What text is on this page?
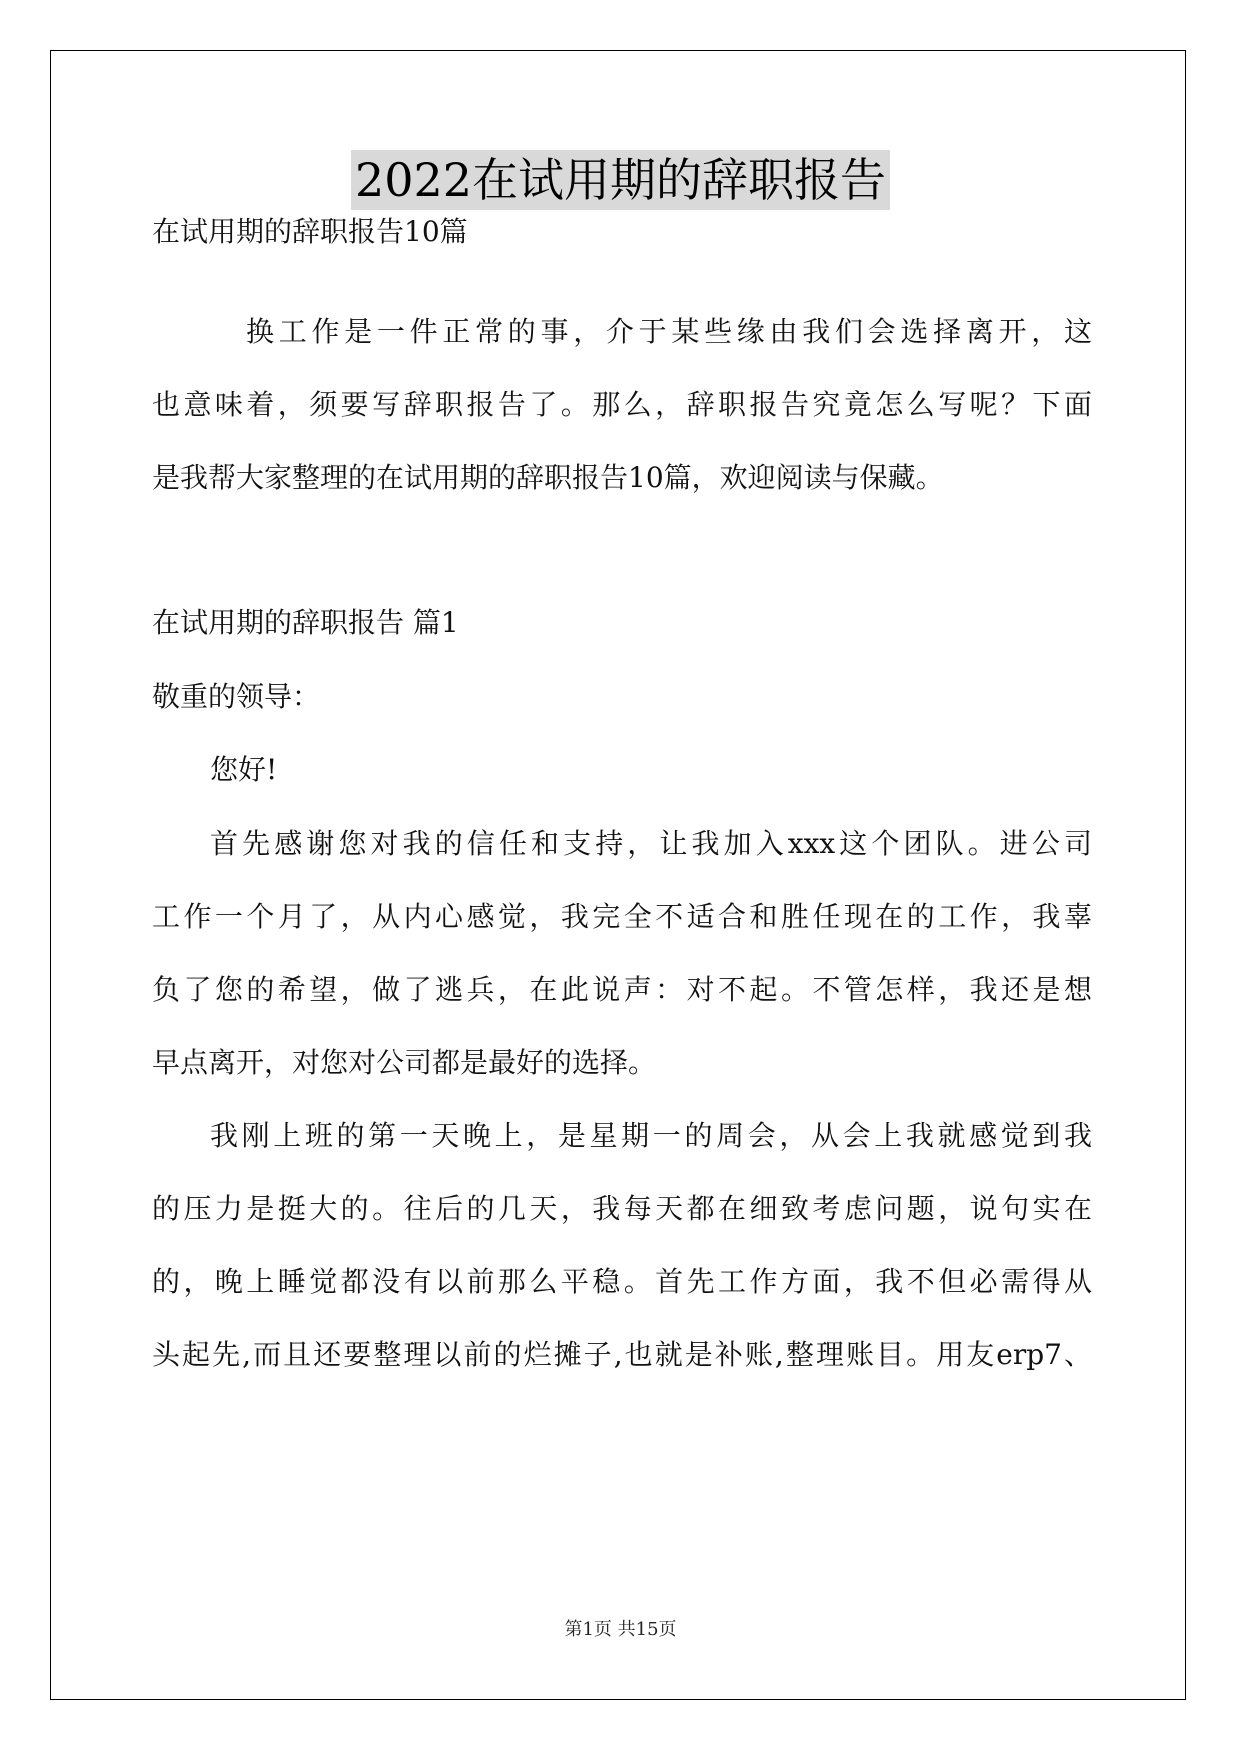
2022在试用期的辞职报告
在试用期的辞职报告10篇
换工作是一件正常的事，介于某些缘由我们会选择离开，这
也意味着，须要写辞职报告了。那么，辞职报告究竟怎么写呢？下面
是我帮大家整理的在试用期的辞职报告10篇，欢迎阅读与保藏。
在试用期的辞职报告 篇1
敬重的领导：
您好!
首先感谢您对我的信任和支持，让我加入xxx这个团队。进公司
工作一个月了，从内心感觉，我完全不适合和胜任现在的工作，我辜
负了您的希望，做了逃兵，在此说声：对不起。不管怎样，我还是想
早点离开，对您对公司都是最好的选择。
我刚上班的第一天晚上，是星期一的周会，从会上我就感觉到我
的压力是挺大的。往后的几天，我每天都在细致考虑问题，说句实在
的，晚上睡觉都没有以前那么平稳。首先工作方面，我不但必需得从
头起先,而且还要整理以前的烂摊子,也就是补账,整理账目。用友erp7、
第1页 共15页
